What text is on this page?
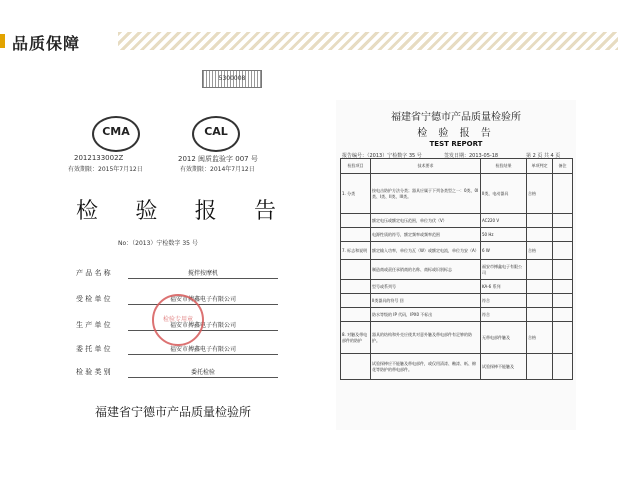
品质保障
5300008
CMA	CAL
2012133002Z
有效期限：2015年7月12日
2012 闽质监验字 007 号
有效期限：2014年7月12日
检 验 报 告
No：（2013）宁检数字 35 号
产 品 名 称	搅拌按摩机
受 检 单 位	福安市搏鑫电子有限公司
生 产 单 位	福安市搏鑫电子有限公司
委 托 单 位	福安市搏鑫电子有限公司
检 验 类 别	委托检验
检验专用章
福建省宁德市产品质量检验所
福建省宁德市产品质量检验所
检 验 报 告
TEST REPORT
报告编号：（2013）宁检数字 35 号	签发日期：2013-05-18	第 2 页 共 4 页
检验项目	技术要求	检验结果	单项判定	备注
1. 分类	按电击防护方法分类；器具应属于下列各类型之一：0类、0I类、I类、II类、III类。	II类，电动器具	合格	
	额定电压或额定电压范围，单位为伏（V）	AC220 V		
	电源性质的符号，额定频率或频率范围	50 Hz		
7. 标志和说明	额定输入功率，单位为瓦（W）或额定电流，单位为安（A）	6 W	合格	
	制造商或责任承销商的名称、商标或识别标志	福安市搏鑫电子有限公司		
	型号或系列号	KA-6 系列		
	II类器具的符号 回	符合		
	防水等级的 IP 代码，IPX0 不标出	符合		
8. 对触及带电部件的防护	器具的结构和外壳应使其对意外触及带电部件有足够的防护。	无带电部件触及	合格	
	试验探棒应不能触及带电部件，或仅用清漆、釉漆、纸、棉花等防护的带电部件。	试验探棒不能触及		
